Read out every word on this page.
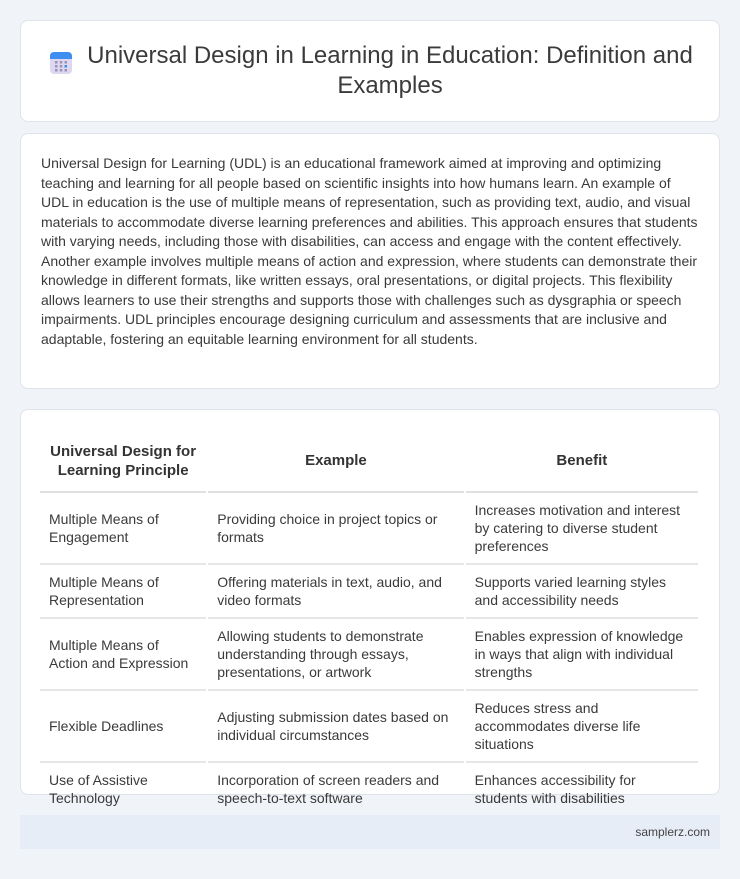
Universal Design in Learning in Education: Definition and Examples

Universal Design for Learning (UDL) is an educational framework aimed at improving and optimizing teaching and learning for all people based on scientific insights into how humans learn. An example of UDL in education is the use of multiple means of representation, such as providing text, audio, and visual materials to accommodate diverse learning preferences and abilities. This approach ensures that students with varying needs, including those with disabilities, can access and engage with the content effectively. Another example involves multiple means of action and expression, where students can demonstrate their knowledge in different formats, like written essays, oral presentations, or digital projects. This flexibility allows learners to use their strengths and supports those with challenges such as dysgraphia or speech impairments. UDL principles encourage designing curriculum and assessments that are inclusive and adaptable, fostering an equitable learning environment for all students.

Universal Design for Learning Principle	Example	Benefit
Multiple Means of Engagement	Providing choice in project topics or formats	Increases motivation and interest by catering to diverse student preferences
Multiple Means of Representation	Offering materials in text, audio, and video formats	Supports varied learning styles and accessibility needs
Multiple Means of Action and Expression	Allowing students to demonstrate understanding through essays, presentations, or artwork	Enables expression of knowledge in ways that align with individual strengths
Flexible Deadlines	Adjusting submission dates based on individual circumstances	Reduces stress and accommodates diverse life situations
Use of Assistive Technology	Incorporation of screen readers and speech-to-text software	Enhances accessibility for students with disabilities
samplerz.com
